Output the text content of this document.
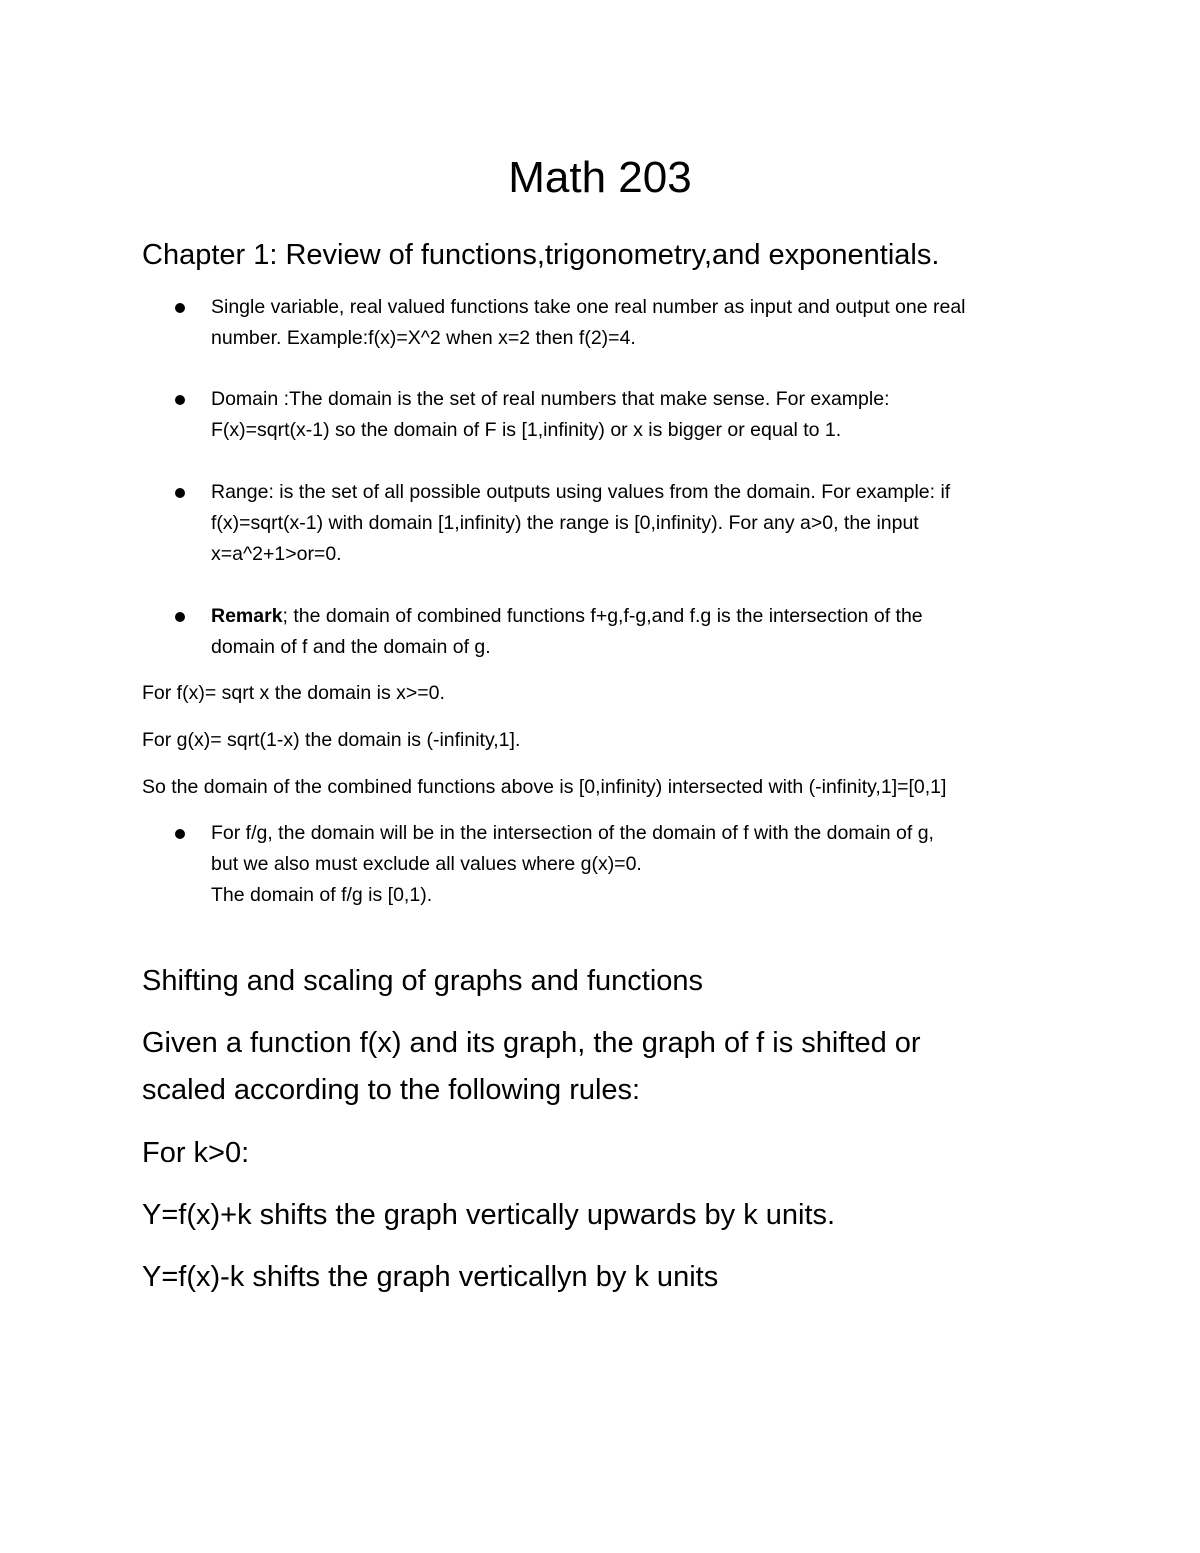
Math 203
Chapter 1: Review of functions,trigonometry,and exponentials.
Single variable, real valued functions take one real number as input and output one real
number. Example:f(x)=X^2 when x=2 then f(2)=4.
Domain :The domain is the set of real numbers that make sense. For example:
F(x)=sqrt(x-1) so the domain of F is [1,infinity) or x is bigger or equal to 1.
Range: is the set of all possible outputs using values from the domain. For example: if
f(x)=sqrt(x-1) with domain [1,infinity) the range is [0,infinity). For any a>0, the input
x=a^2+1>or=0.
Remark; the domain of combined functions f+g,f-g,and f.g is the intersection of the
domain of f and the domain of g.
For f(x)= sqrt x the domain is x>=0.
For g(x)= sqrt(1-x) the domain is (-infinity,1].
So the domain of the combined functions above is [0,infinity) intersected with (-infinity,1]=[0,1]
For f/g, the domain will be in the intersection of the domain of f with the domain of g,
but we also must exclude all values where g(x)=0.
The domain of f/g is [0,1).
Shifting and scaling of graphs and functions
Given a function f(x) and its graph, the graph of f is shifted or
scaled according to the following rules:
For k>0:
Y=f(x)+k shifts the graph vertically upwards by k units.
Y=f(x)-k shifts the graph verticallyn by k units
